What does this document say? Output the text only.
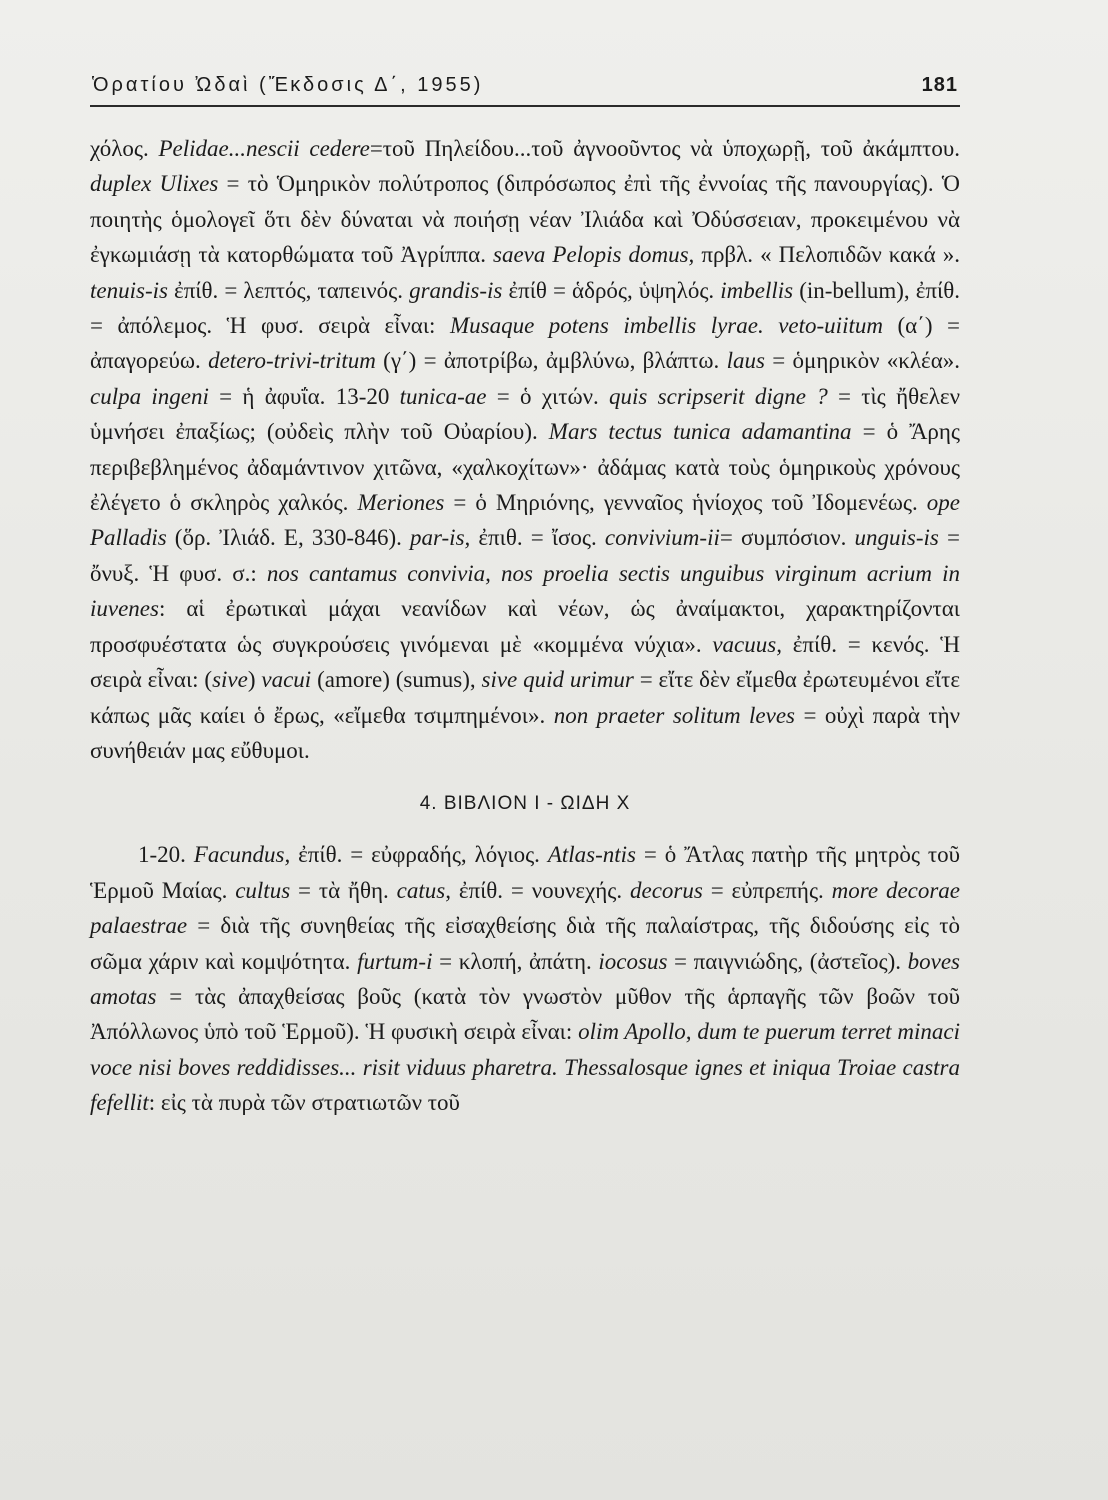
Ὁρατίου Ὠδαὶ (Ἔκδοσις Δ΄, 1955)	181

χόλος. Pelidae...nescii cedere=τοῦ Πηλείδου...τοῦ ἀγνοοῦντος νὰ ὑποχωρῇ, τοῦ ἀκάμπτου. duplex Ulixes = τὸ Ὁμηρικὸν πολύτροπος (διπρόσωπος ἐπὶ τῆς ἐννοίας τῆς πανουργίας). Ὁ ποιητὴς ὁμολογεῖ ὅτι δὲν δύναται νὰ ποιήσῃ νέαν Ἰλιάδα καὶ Ὀδύσσειαν, προκειμένου νὰ ἐγκωμιάσῃ τὰ κατορθώματα τοῦ Ἀγρίππα. saeva Pelopis domus, πρβλ. « Πελοπιδῶν κακά ». tenuis-is ἐπίθ. = λεπτός, ταπεινός. grandis-is ἐπίθ = ἁδρός, ὑψηλός. imbellis (in-bellum), ἐπίθ. = ἀπόλεμος. Ἡ φυσ. σειρὰ εἶναι: Musaque potens imbellis lyrae. veto-uiitum (α΄) = ἀπαγορεύω. detero-trivi-tritum (γ΄) = ἀποτρίβω, ἀμβλύνω, βλάπτω. laus = ὁμηρικὸν «κλέα». culpa ingeni = ἡ ἀφυΐα. 13-20 tunica-ae = ὁ χιτών. quis scripserit digne ? = τὶς ἤθελεν ὑμνήσει ἐπαξίως; (οὐδεὶς πλὴν τοῦ Οὐαρίου). Mars tectus tunica adamantina = ὁ Ἄρης περιβεβλημένος ἀδαμάντινον χιτῶνα, «χαλκοχίτων»· ἀδάμας κατὰ τοὺς ὁμηρικοὺς χρόνους ἐλέγετο ὁ σκληρὸς χαλκός. Meriones = ὁ Μηριόνης, γενναῖος ἡνίοχος τοῦ Ἰδομενέως. ope Palladis (ὅρ. Ἰλιάδ. Ε, 330-846). par-is, ἐπιθ. = ἴσος. convivium-ii= συμπόσιον. unguis-is = ὄνυξ. Ἡ φυσ. σ.: nos cantamus convivia, nos proelia sectis unguibus virginum acrium in iuvenes: αἱ ἐρωτικαὶ μάχαι νεανίδων καὶ νέων, ὡς ἀναίμακτοι, χαρακτηρίζονται προσφυέστατα ὡς συγκρούσεις γινόμεναι μὲ «κομμένα νύχια». vacuus, ἐπίθ. = κενός. Ἡ σειρὰ εἶναι: (sive) vacui (amore) (sumus), sive quid urimur = εἴτε δὲν εἴμεθα ἐρωτευμένοι εἴτε κάπως μᾶς καίει ὁ ἔρως, «εἴμεθα τσιμπημένοι». non praeter solitum leves = οὐχὶ παρὰ τὴν συνήθειάν μας εὔθυμοι.

4. ΒΙΒΛΙΟΝ Ι - ΩΙΔΗ Χ

1-20. Facundus, ἐπίθ. = εὐφραδής, λόγιος. Atlas-ntis = ὁ Ἄτλας πατὴρ τῆς μητρὸς τοῦ Ἑρμοῦ Μαίας. cultus = τὰ ἤθη. catus, ἐπίθ. = νουνεχής. decorus = εὐπρεπής. more decorae palaestrae = διὰ τῆς συνηθείας τῆς εἰσαχθείσης διὰ τῆς παλαίστρας, τῆς διδούσης εἰς τὸ σῶμα χάριν καὶ κομψότητα. furtum-i = κλοπή, ἀπάτη. iocosus = παιγνιώδης, (ἀστεῖος). boves amotas = τὰς ἀπαχθείσας βοῦς (κατὰ τὸν γνωστὸν μῦθον τῆς ἁρπαγῆς τῶν βοῶν τοῦ Ἀπόλλωνος ὑπὸ τοῦ Ἑρμοῦ). Ἡ φυσικὴ σειρὰ εἶναι: olim Apollo, dum te puerum terret minaci voce nisi boves reddidisses... risit viduus pharetra. Thessalosque ignes et iniqua Troiae castra fefellit: εἰς τὰ πυρὰ τῶν στρατιωτῶν τοῦ
